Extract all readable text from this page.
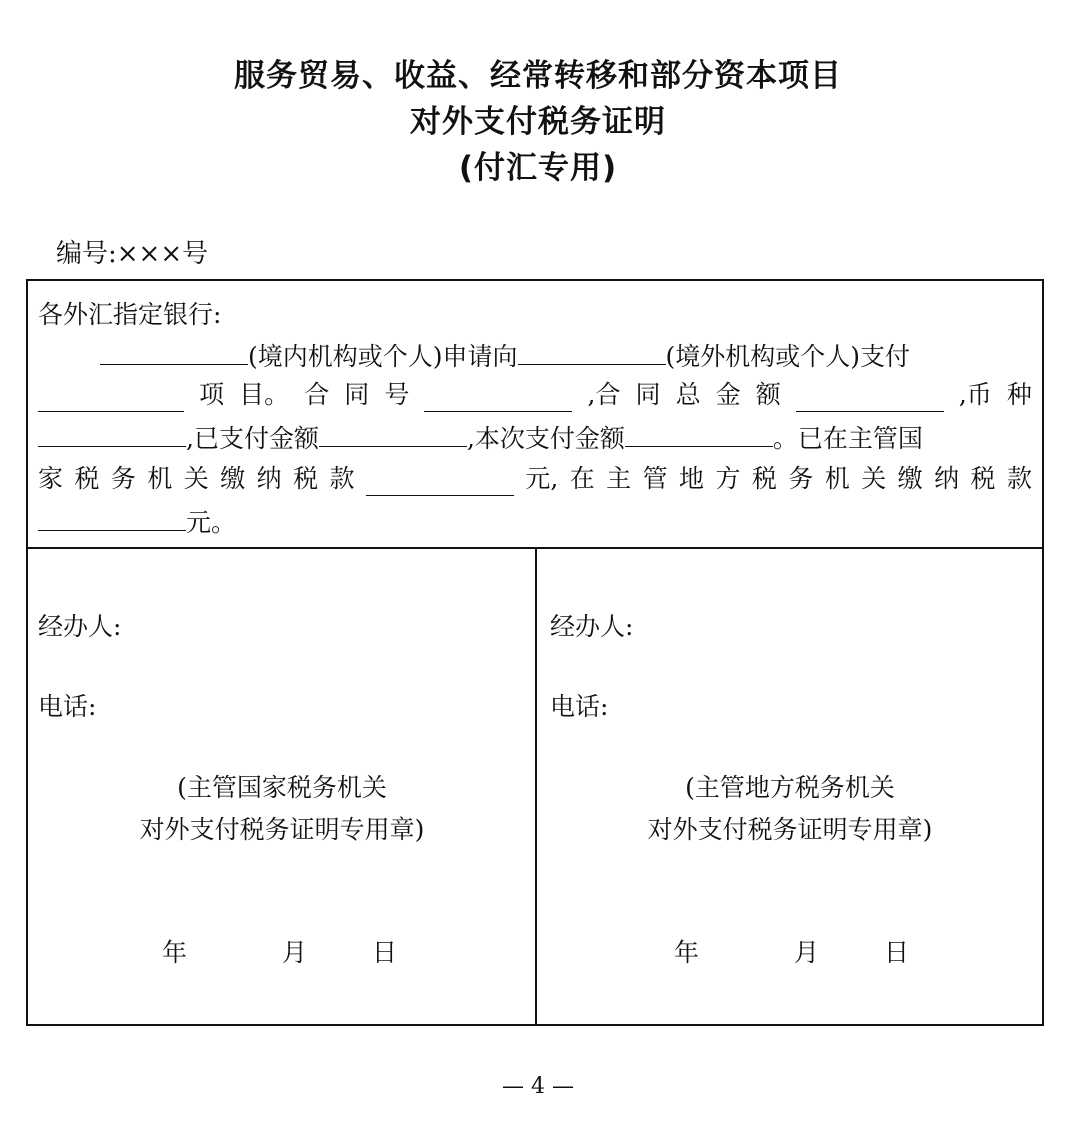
服务贸易、收益、经常转移和部分资本项目
对外支付税务证明
(付汇专用)
编号:×××号
各外汇指定银行:
(境内机构或个人)申请向	(境外机构或个人)支付
项 目。 合 同 号	,合 同 总 金 额	,币 种
,已支付金额	,本次支付金额	。已在主管国
家 税 务 机 关 缴 纳 税 款	元, 在 主 管 地 方 税 务 机 关 缴 纳 税 款
元。
经办人:
电话:
(主管国家税务机关
对外支付税务证明专用章)
年	月	日
经办人:
电话:
(主管地方税务机关
对外支付税务证明专用章)
年	月	日
— 4 —
